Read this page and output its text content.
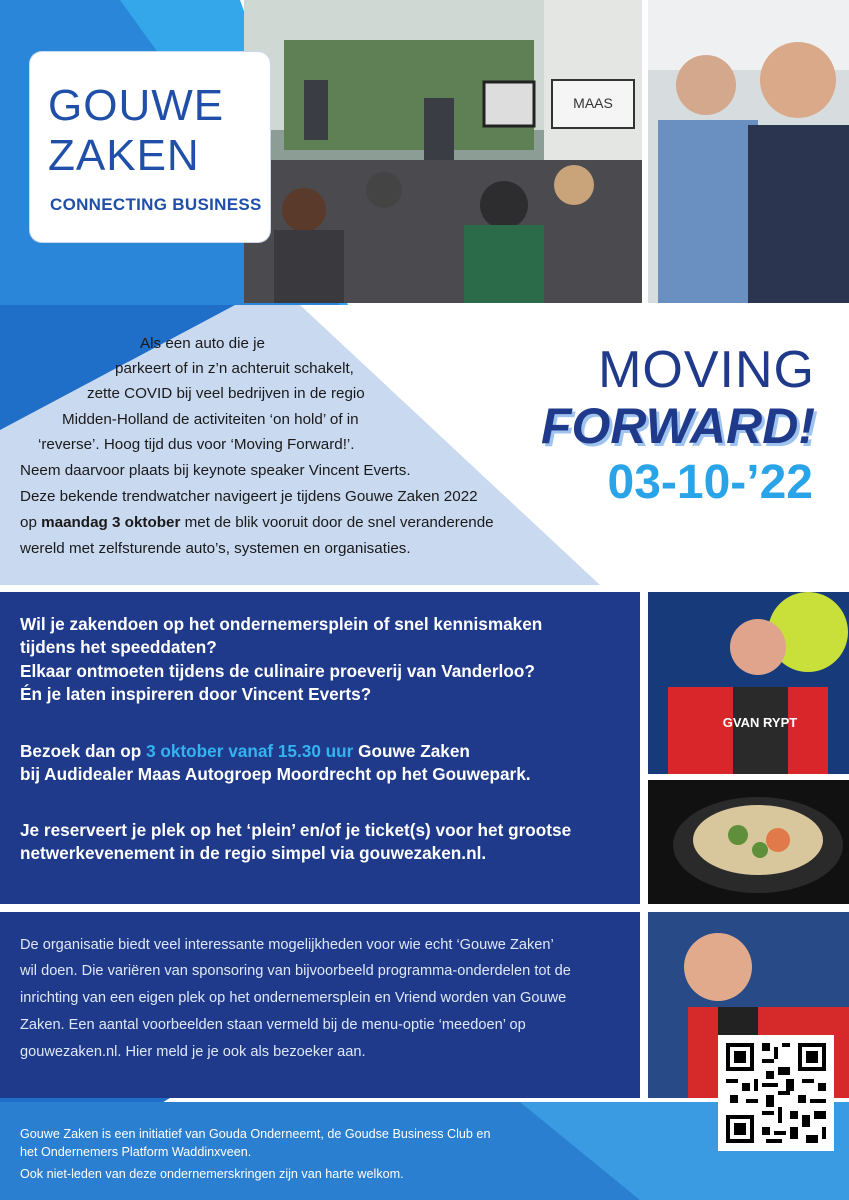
MAAS
GOUWE
ZAKEN
CONNECTING BUSINESS
Als een auto die je
parkeert of in z’n achteruit schakelt,
zette COVID bij veel bedrijven in de regio
Midden-Holland de activiteiten ‘on hold’ of in
‘reverse’. Hoog tijd dus voor ‘Moving Forward!’.
Neem daarvoor plaats bij keynote speaker Vincent Everts.
Deze bekende trendwatcher navigeert je tijdens Gouwe Zaken 2022
op maandag 3 oktober met de blik vooruit door de snel veranderende
wereld met zelfsturende auto’s, systemen en organisaties.
MOVING
FORWARD!
03-10-’22

Wil je zakendoen op het ondernemersplein of snel kennismaken

tijdens het speeddaten?

Elkaar ontmoeten tijdens de culinaire proeverij van Vanderloo?

Én je laten inspireren door Vincent Everts?

Bezoek dan op 3 oktober vanaf 15.30 uur Gouwe Zaken

bij Audidealer Maas Autogroep Moordrecht op het Gouwepark.

Je reserveert je plek op het ‘plein’ en/of je ticket(s) voor het grootse

netwerkevenement in de regio simpel via gouwezaken.nl.

GVAN RYPT

De organisatie biedt veel interessante mogelijkheden voor wie echt ‘Gouwe Zaken’

wil doen. Die variëren van sponsoring van bijvoorbeeld programma-onderdelen tot de

inrichting van een eigen plek op het ondernemersplein en Vriend worden van Gouwe

Zaken. Een aantal voorbeelden staan vermeld bij de menu-optie ‘meedoen’ op

gouwezaken.nl. Hier meld je je ook als bezoeker aan.

Gouwe Zaken is een initiatief van Gouda Onderneemt, de Goudse Business Club en

het Ondernemers Platform Waddinxveen.

Ook niet-leden van deze ondernemerskringen zijn van harte welkom.
